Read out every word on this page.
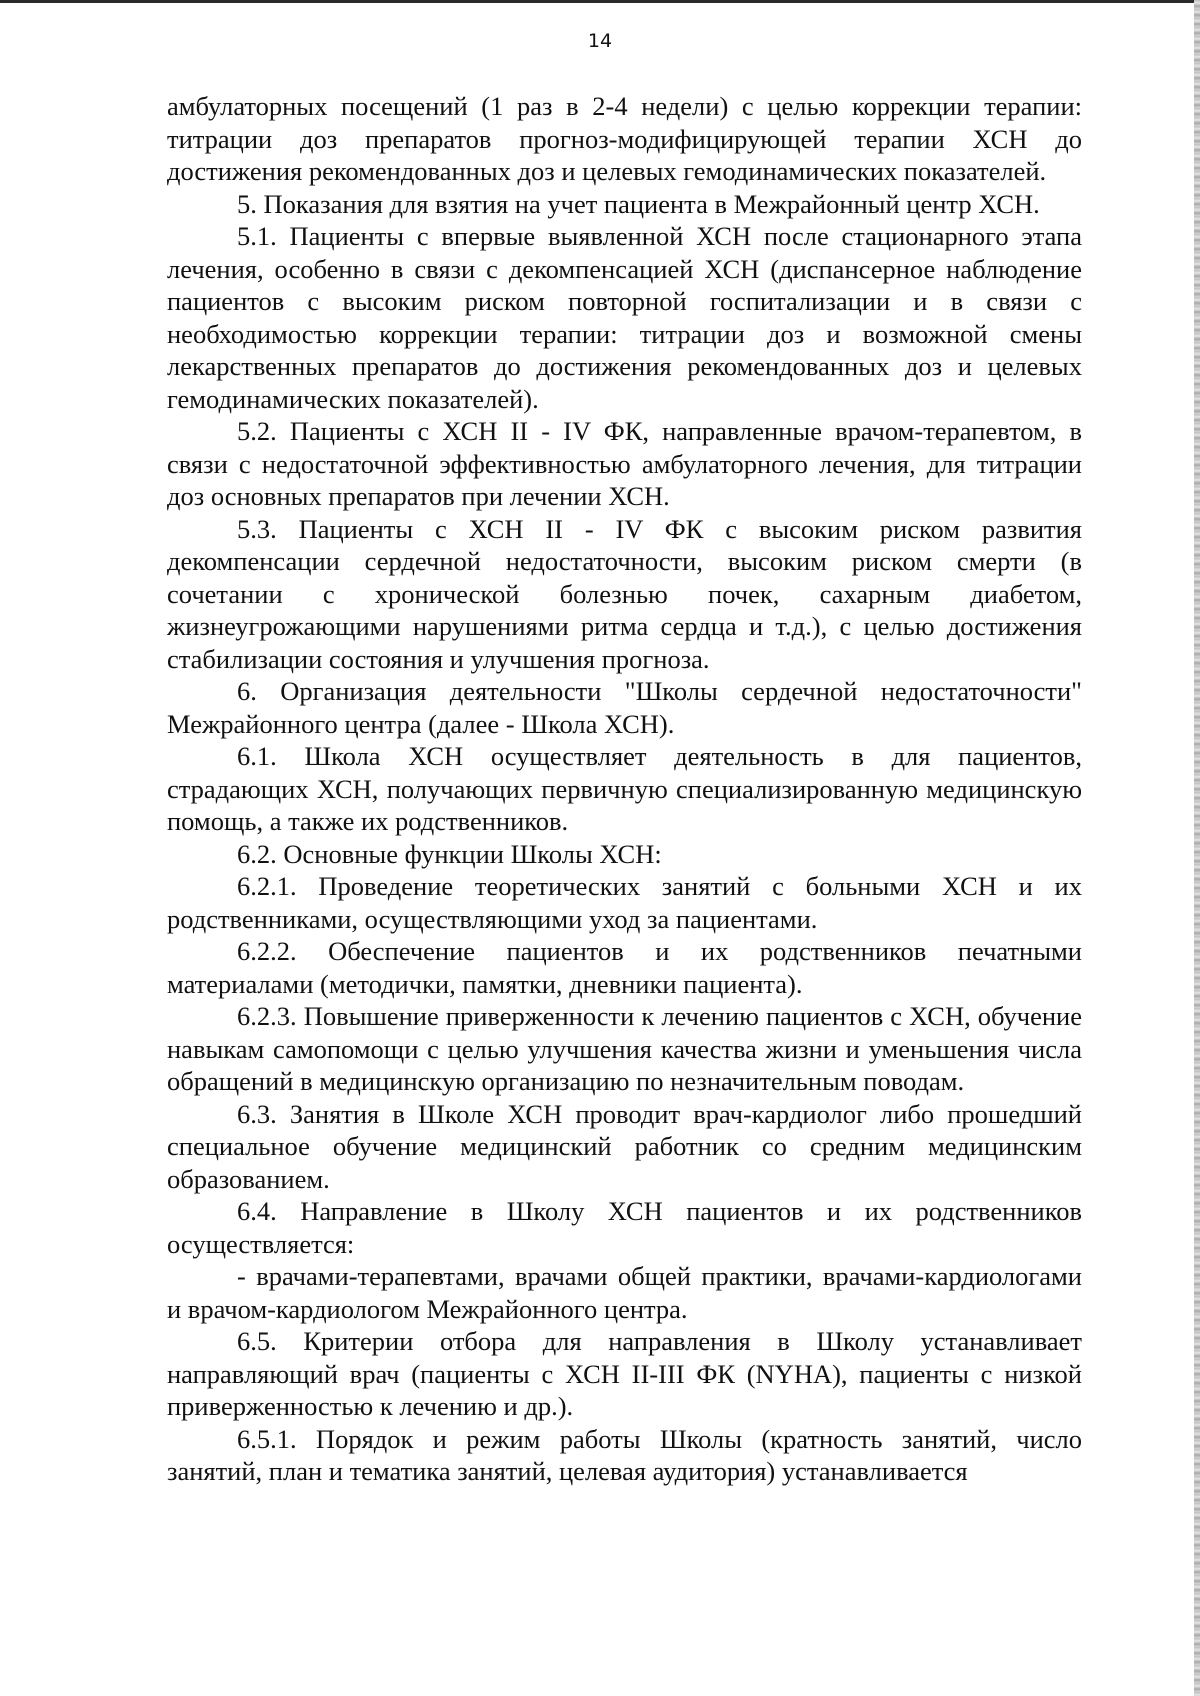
14

амбулаторных посещений (1 раз в 2-4 недели) с целью коррекции терапии: титрации доз препаратов прогноз-модифицирующей терапии ХСН до достижения рекомендованных доз и целевых гемодинамических показателей.

5. Показания для взятия на учет пациента в Межрайонный центр ХСН.

5.1. Пациенты с впервые выявленной ХСН после стационарного этапа лечения, особенно в связи с декомпенсацией ХСН (диспансерное наблюдение пациентов с высоким риском повторной госпитализации и в связи с необходимостью коррекции терапии: титрации доз и возможной смены лекарственных препаратов до достижения рекомендованных доз и целевых гемодинамических показателей).

5.2. Пациенты с ХСН II - IV ФК, направленные врачом-терапевтом, в связи с недостаточной эффективностью амбулаторного лечения, для титрации доз основных препаратов при лечении ХСН.

5.3. Пациенты с ХСН II - IV ФК с высоким риском развития декомпенсации сердечной недостаточности, высоким риском смерти (в сочетании с хронической болезнью почек, сахарным диабетом, жизнеугрожающими нарушениями ритма сердца и т.д.), с целью достижения стабилизации состояния и улучшения прогноза.

6. Организация деятельности "Школы сердечной недостаточности" Межрайонного центра (далее - Школа ХСН).

6.1. Школа ХСН осуществляет деятельность в для пациентов, страдающих ХСН, получающих первичную специализированную медицинскую помощь, а также их родственников.

6.2. Основные функции Школы ХСН:

6.2.1. Проведение теоретических занятий с больными ХСН и их родственниками, осуществляющими уход за пациентами.

6.2.2. Обеспечение пациентов и их родственников печатными материалами (методички, памятки, дневники пациента).

6.2.3. Повышение приверженности к лечению пациентов с ХСН, обучение навыкам самопомощи с целью улучшения качества жизни и уменьшения числа обращений в медицинскую организацию по незначительным поводам.

6.3. Занятия в Школе ХСН проводит врач-кардиолог либо прошедший специальное обучение медицинский работник со средним медицинским образованием.

6.4. Направление в Школу ХСН пациентов и их родственников осуществляется:

- врачами-терапевтами, врачами общей практики, врачами-кардиологами и врачом-кардиологом Межрайонного центра.

6.5. Критерии отбора для направления в Школу устанавливает направляющий врач (пациенты с ХСН II-III ФК (NYHA), пациенты с низкой приверженностью к лечению и др.).

6.5.1. Порядок и режим работы Школы (кратность занятий, число занятий, план и тематика занятий, целевая аудитория) устанавливается
